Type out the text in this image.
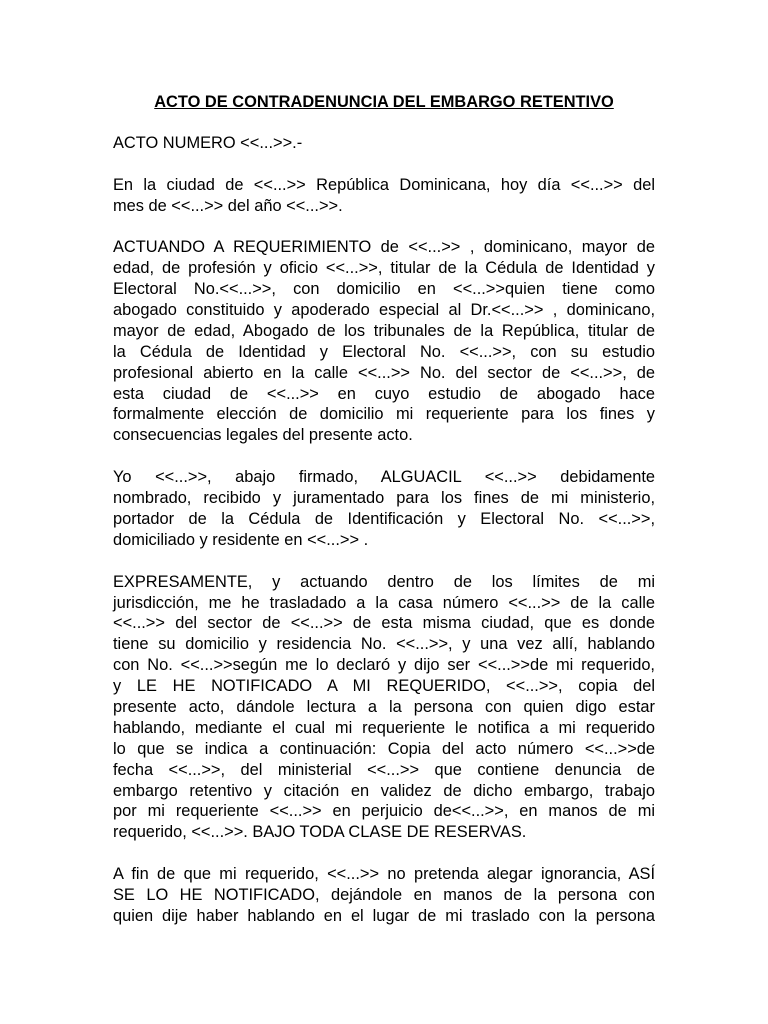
ACTO DE CONTRADENUNCIA DEL EMBARGO RETENTIVO
ACTO NUMERO <<...>>.-
En la ciudad de <<...>> República Dominicana, hoy día <<...>> del
mes de <<...>> del año <<...>>.
ACTUANDO A REQUERIMIENTO de <<...>> , dominicano, mayor de
edad, de profesión y oficio <<...>>, titular de la Cédula de Identidad y
Electoral No.<<...>>, con domicilio en <<...>>quien tiene como
abogado constituido y apoderado especial al Dr.<<...>> , dominicano,
mayor de edad, Abogado de los tribunales de la República, titular de
la Cédula de Identidad y Electoral No. <<...>>, con su estudio
profesional abierto en la calle <<...>> No. del sector de <<...>>, de
esta ciudad de <<...>> en cuyo estudio de abogado hace
formalmente elección de domicilio mi requeriente para los fines y
consecuencias legales del presente acto.
Yo <<...>>, abajo firmado, ALGUACIL <<...>> debidamente
nombrado, recibido y juramentado para los fines de mi ministerio,
portador de la Cédula de Identificación y Electoral No. <<...>>,
domiciliado y residente en <<...>> .
EXPRESAMENTE, y actuando dentro de los límites de mi
jurisdicción, me he trasladado a la casa número <<...>> de la calle
<<...>> del sector de <<...>> de esta misma ciudad, que es donde
tiene su domicilio y residencia No. <<...>>, y una vez allí, hablando
con No. <<...>>según me lo declaró y dijo ser <<...>>de mi requerido,
y LE HE NOTIFICADO A MI REQUERIDO, <<...>>, copia del
presente acto, dándole lectura a la persona con quien digo estar
hablando, mediante el cual mi requeriente le notifica a mi requerido
lo que se indica a continuación: Copia del acto número <<...>>de
fecha <<...>>, del ministerial <<...>> que contiene denuncia de
embargo retentivo y citación en validez de dicho embargo, trabajo
por mi requeriente <<...>> en perjuicio de<<...>>, en manos de mi
requerido, <<...>>. BAJO TODA CLASE DE RESERVAS.
A fin de que mi requerido, <<...>> no pretenda alegar ignorancia, ASÍ
SE LO HE NOTIFICADO, dejándole en manos de la persona con
quien dije haber hablando en el lugar de mi traslado con la persona
